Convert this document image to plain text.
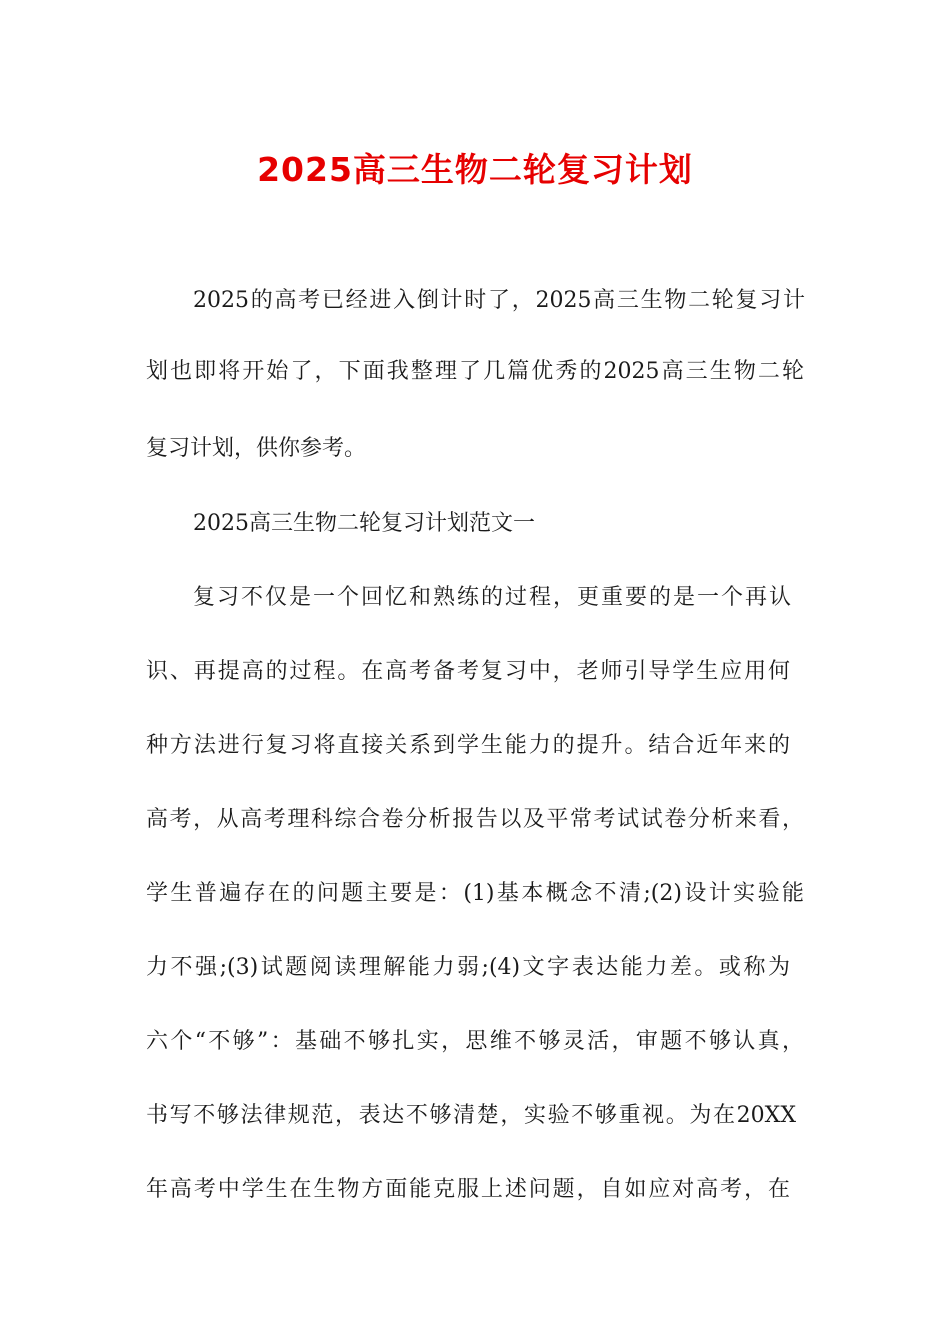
2025高三生物二轮复习计划

2025的高考已经进入倒计时了，2025高三生物二轮复习计

划也即将开始了，下面我整理了几篇优秀的2025高三生物二轮

复习计划，供你参考。

2025高三生物二轮复习计划范文一

复习不仅是一个回忆和熟练的过程，更重要的是一个再认

识、再提高的过程。在高考备考复习中，老师引导学生应用何

种方法进行复习将直接关系到学生能力的提升。结合近年来的

高考，从高考理科综合卷分析报告以及平常考试试卷分析来看，

学生普遍存在的问题主要是：(1)基本概念不清;(2)设计实验能

力不强;(3)试题阅读理解能力弱;(4)文字表达能力差。或称为

六个“不够”：基础不够扎实，思维不够灵活，审题不够认真，

书写不够法律规范，表达不够清楚，实验不够重视。为在20XX

年高考中学生在生物方面能克服上述问题，自如应对高考，在
